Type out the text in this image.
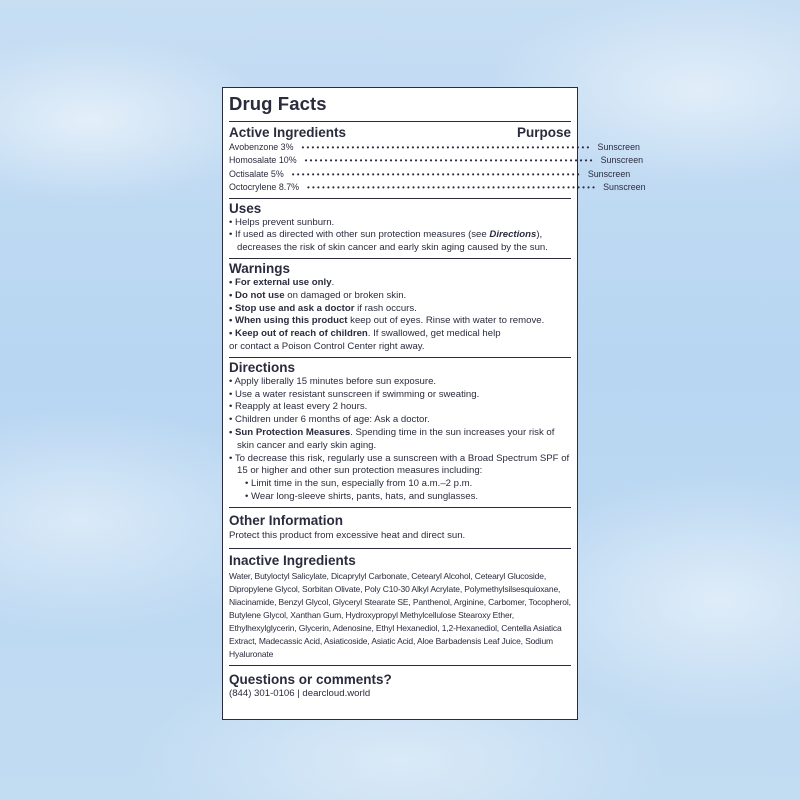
Drug Facts
Active Ingredients	Purpose
Avobenzone 3% •••••••••••••••••••••••••••••••••••••••••••••••••••••••••• Sunscreen
Homosalate 10% •••••••••••••••••••••••••••••••••••••••••••••••••••••••••• Sunscreen
Octisalate 5% •••••••••••••••••••••••••••••••••••••••••••••••••••••••••• Sunscreen
Octocrylene 8.7% •••••••••••••••••••••••••••••••••••••••••••••••••••••••••• Sunscreen
Uses
• Helps prevent sunburn.
• If used as directed with other sun protection measures (see Directions), decreases the risk of skin cancer and early skin aging caused by the sun.
Warnings
• For external use only.
• Do not use on damaged or broken skin.
• Stop use and ask a doctor if rash occurs.
• When using this product keep out of eyes. Rinse with water to remove.
• Keep out of reach of children. If swallowed, get medical help
or contact a Poison Control Center right away.
Directions
• Apply liberally 15 minutes before sun exposure.
• Use a water resistant sunscreen if swimming or sweating.
• Reapply at least every 2 hours.
• Children under 6 months of age: Ask a doctor.
• Sun Protection Measures. Spending time in the sun increases your risk of skin cancer and early skin aging.
• To decrease this risk, regularly use a sunscreen with a Broad Spectrum SPF of 15 or higher and other sun protection measures including:
• Limit time in the sun, especially from 10 a.m.–2 p.m.
• Wear long-sleeve shirts, pants, hats, and sunglasses.
Other Information
Protect this product from excessive heat and direct sun.
Inactive Ingredients
Water, Butyloctyl Salicylate, Dicaprylyl Carbonate, Cetearyl Alcohol, Cetearyl Glucoside, Dipropylene Glycol, Sorbitan Olivate, Poly C10-30 Alkyl Acrylate, Polymethylsilsesquioxane, Niacinamide, Benzyl Glycol, Glyceryl Stearate SE, Panthenol, Arginine, Carbomer, Tocopherol, Butylene Glycol, Xanthan Gum, Hydroxypropyl Methylcellulose Stearoxy Ether, Ethylhexylglycerin, Glycerin, Adenosine, Ethyl Hexanediol, 1,2-Hexanediol, Centella Asiatica Extract, Madecassic Acid, Asiaticoside, Asiatic Acid, Aloe Barbadensis Leaf Juice, Sodium Hyaluronate
Questions or comments?
(844) 301-0106 | dearcloud.world
